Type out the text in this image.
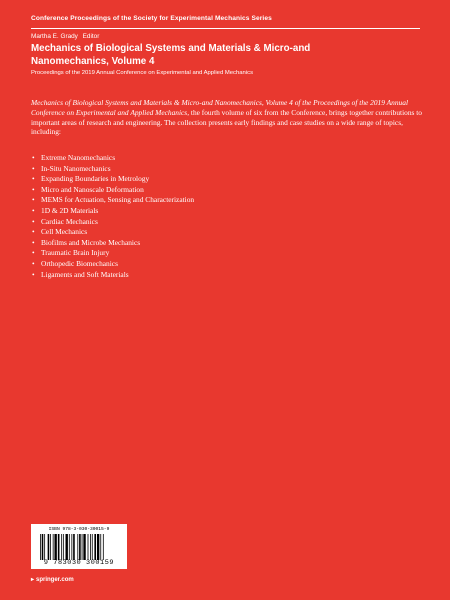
Conference Proceedings of the Society for Experimental Mechanics Series
Martha E. Grady Editor
Mechanics of Biological Systems and Materials & Micro-and
Nanomechanics, Volume 4
Proceedings of the 2019 Annual Conference on Experimental and Applied Mechanics

Mechanics of Biological Systems and Materials & Micro-and Nanomechanics, Volume 4 of the Proceedings of the 2019 Annual Conference on Experimental and Applied Mechanics, the fourth volume of six from the Conference, brings together contributions to important areas of research and engineering. The collection presents early findings and case studies on a wide range of topics, including:

• Extreme Nanomechanics
• In-Situ Nanomechanics
• Expanding Boundaries in Metrology
• Micro and Nanoscale Deformation
• MEMS for Actuation, Sensing and Characterization
• 1D & 2D Materials
• Cardiac Mechanics
• Cell Mechanics
• Biofilms and Microbe Mechanics
• Traumatic Brain Injury
• Orthopedic Biomechanics
• Ligaments and Soft Materials
ISBN 978-3-030-30015-9
9 783030 300159
▸ springer.com
